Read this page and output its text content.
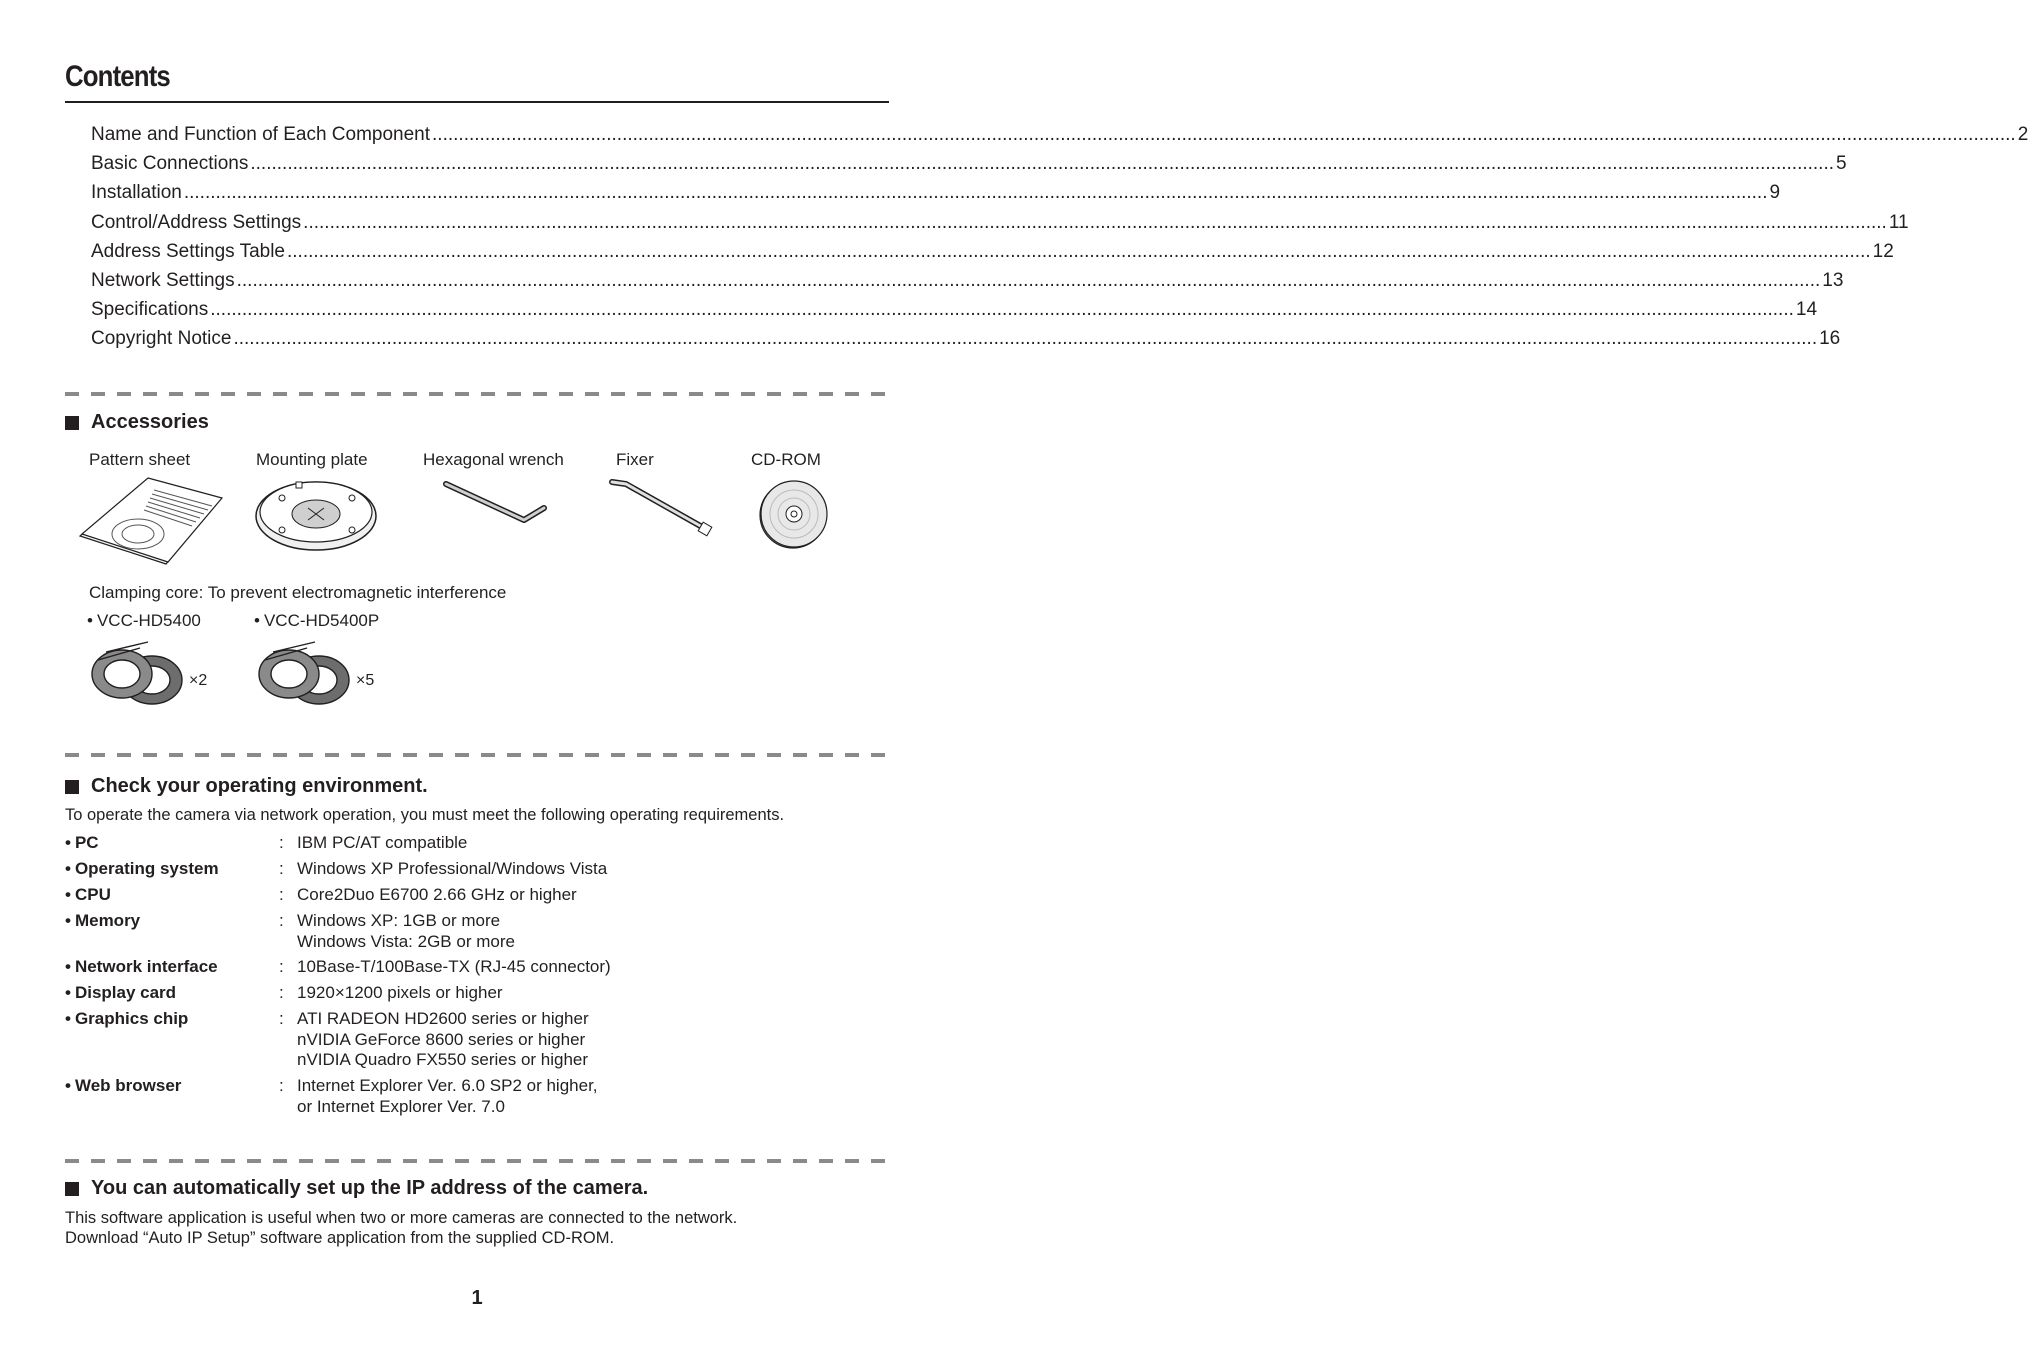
Contents
Name and Function of Each Component ............................................................................................................................................................................................................................................................................................................ 2
Basic Connections ............................................................................................................................................................................................................................................................................................................ 5
Installation ............................................................................................................................................................................................................................................................................................................ 9
Control/Address Settings ............................................................................................................................................................................................................................................................................................................ 11
Address Settings Table ............................................................................................................................................................................................................................................................................................................ 12
Network Settings ............................................................................................................................................................................................................................................................................................................ 13
Specifications ............................................................................................................................................................................................................................................................................................................ 14
Copyright Notice ............................................................................................................................................................................................................................................................................................................ 16
Accessories
Pattern sheet	Mounting plate	Hexagonal wrench	Fixer	CD-ROM
Clamping core: To prevent electromagnetic interference
• VCC-HD5400	• VCC-HD5400P
×2	×5
Check your operating environment.
To operate the camera via network operation, you must meet the following operating requirements.
• PC	: IBM PC/AT compatible
• Operating system	: Windows XP Professional/Windows Vista
• CPU	: Core2Duo E6700 2.66 GHz or higher
• Memory	: Windows XP: 1GB or more
Windows Vista: 2GB or more
• Network interface	: 10Base-T/100Base-TX (RJ-45 connector)
• Display card	: 1920×1200 pixels or higher
• Graphics chip	: ATI RADEON HD2600 series or higher
nVIDIA GeForce 8600 series or higher
nVIDIA Quadro FX550 series or higher
• Web browser	: Internet Explorer Ver. 6.0 SP2 or higher,
or Internet Explorer Ver. 7.0
You can automatically set up the IP address of the camera.
This software application is useful when two or more cameras are connected to the network.
Download “Auto IP Setup” software application from the supplied CD-ROM.
1
